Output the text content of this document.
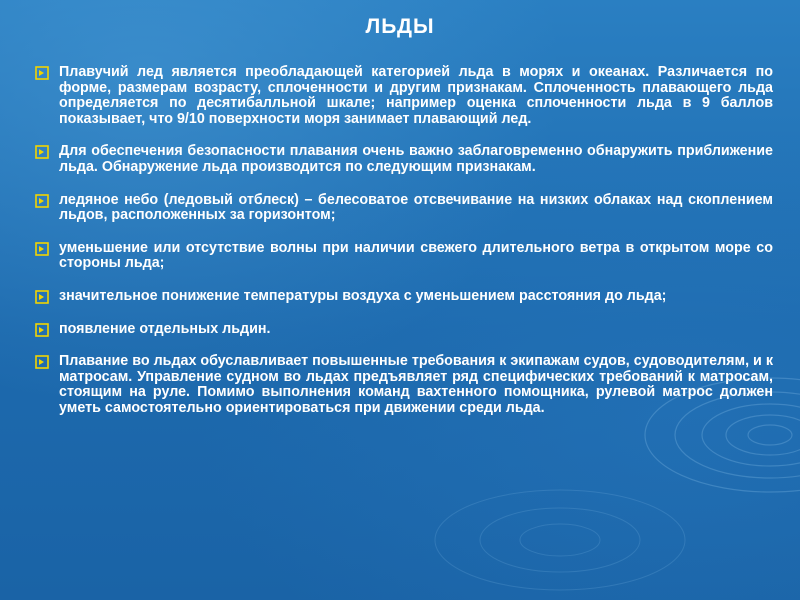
ЛЬДЫ
Плавучий лед является преобладающей категорией льда в морях и океанах. Различается по форме, размерам возрасту, сплоченности и другим признакам. Сплоченность плавающего льда определяется по десятибалльной шкале; например оценка сплоченности льда в 9 баллов показывает, что 9/10 поверхности моря занимает плавающий лед.
Для обеспечения безопасности плавания очень важно заблаговременно обнаружить приближение льда. Обнаружение льда производится по следующим признакам.
ледяное небо (ледовый отблеск) – белесоватое отсвечивание на низких облаках над скоплением льдов, расположенных за горизонтом;
уменьшение или отсутствие волны при наличии свежего длительного ветра в открытом море со стороны льда;
значительное понижение температуры воздуха с уменьшением расстояния до льда;
появление отдельных льдин.
Плавание во льдах обуславливает повышенные требования к экипажам судов, судоводителям, и к матросам. Управление судном во льдах предъявляет ряд специфических требований к матросам, стоящим на руле. Помимо выполнения команд вахтенного помощника, рулевой матрос должен уметь самостоятельно ориентироваться при движении среди льда.
